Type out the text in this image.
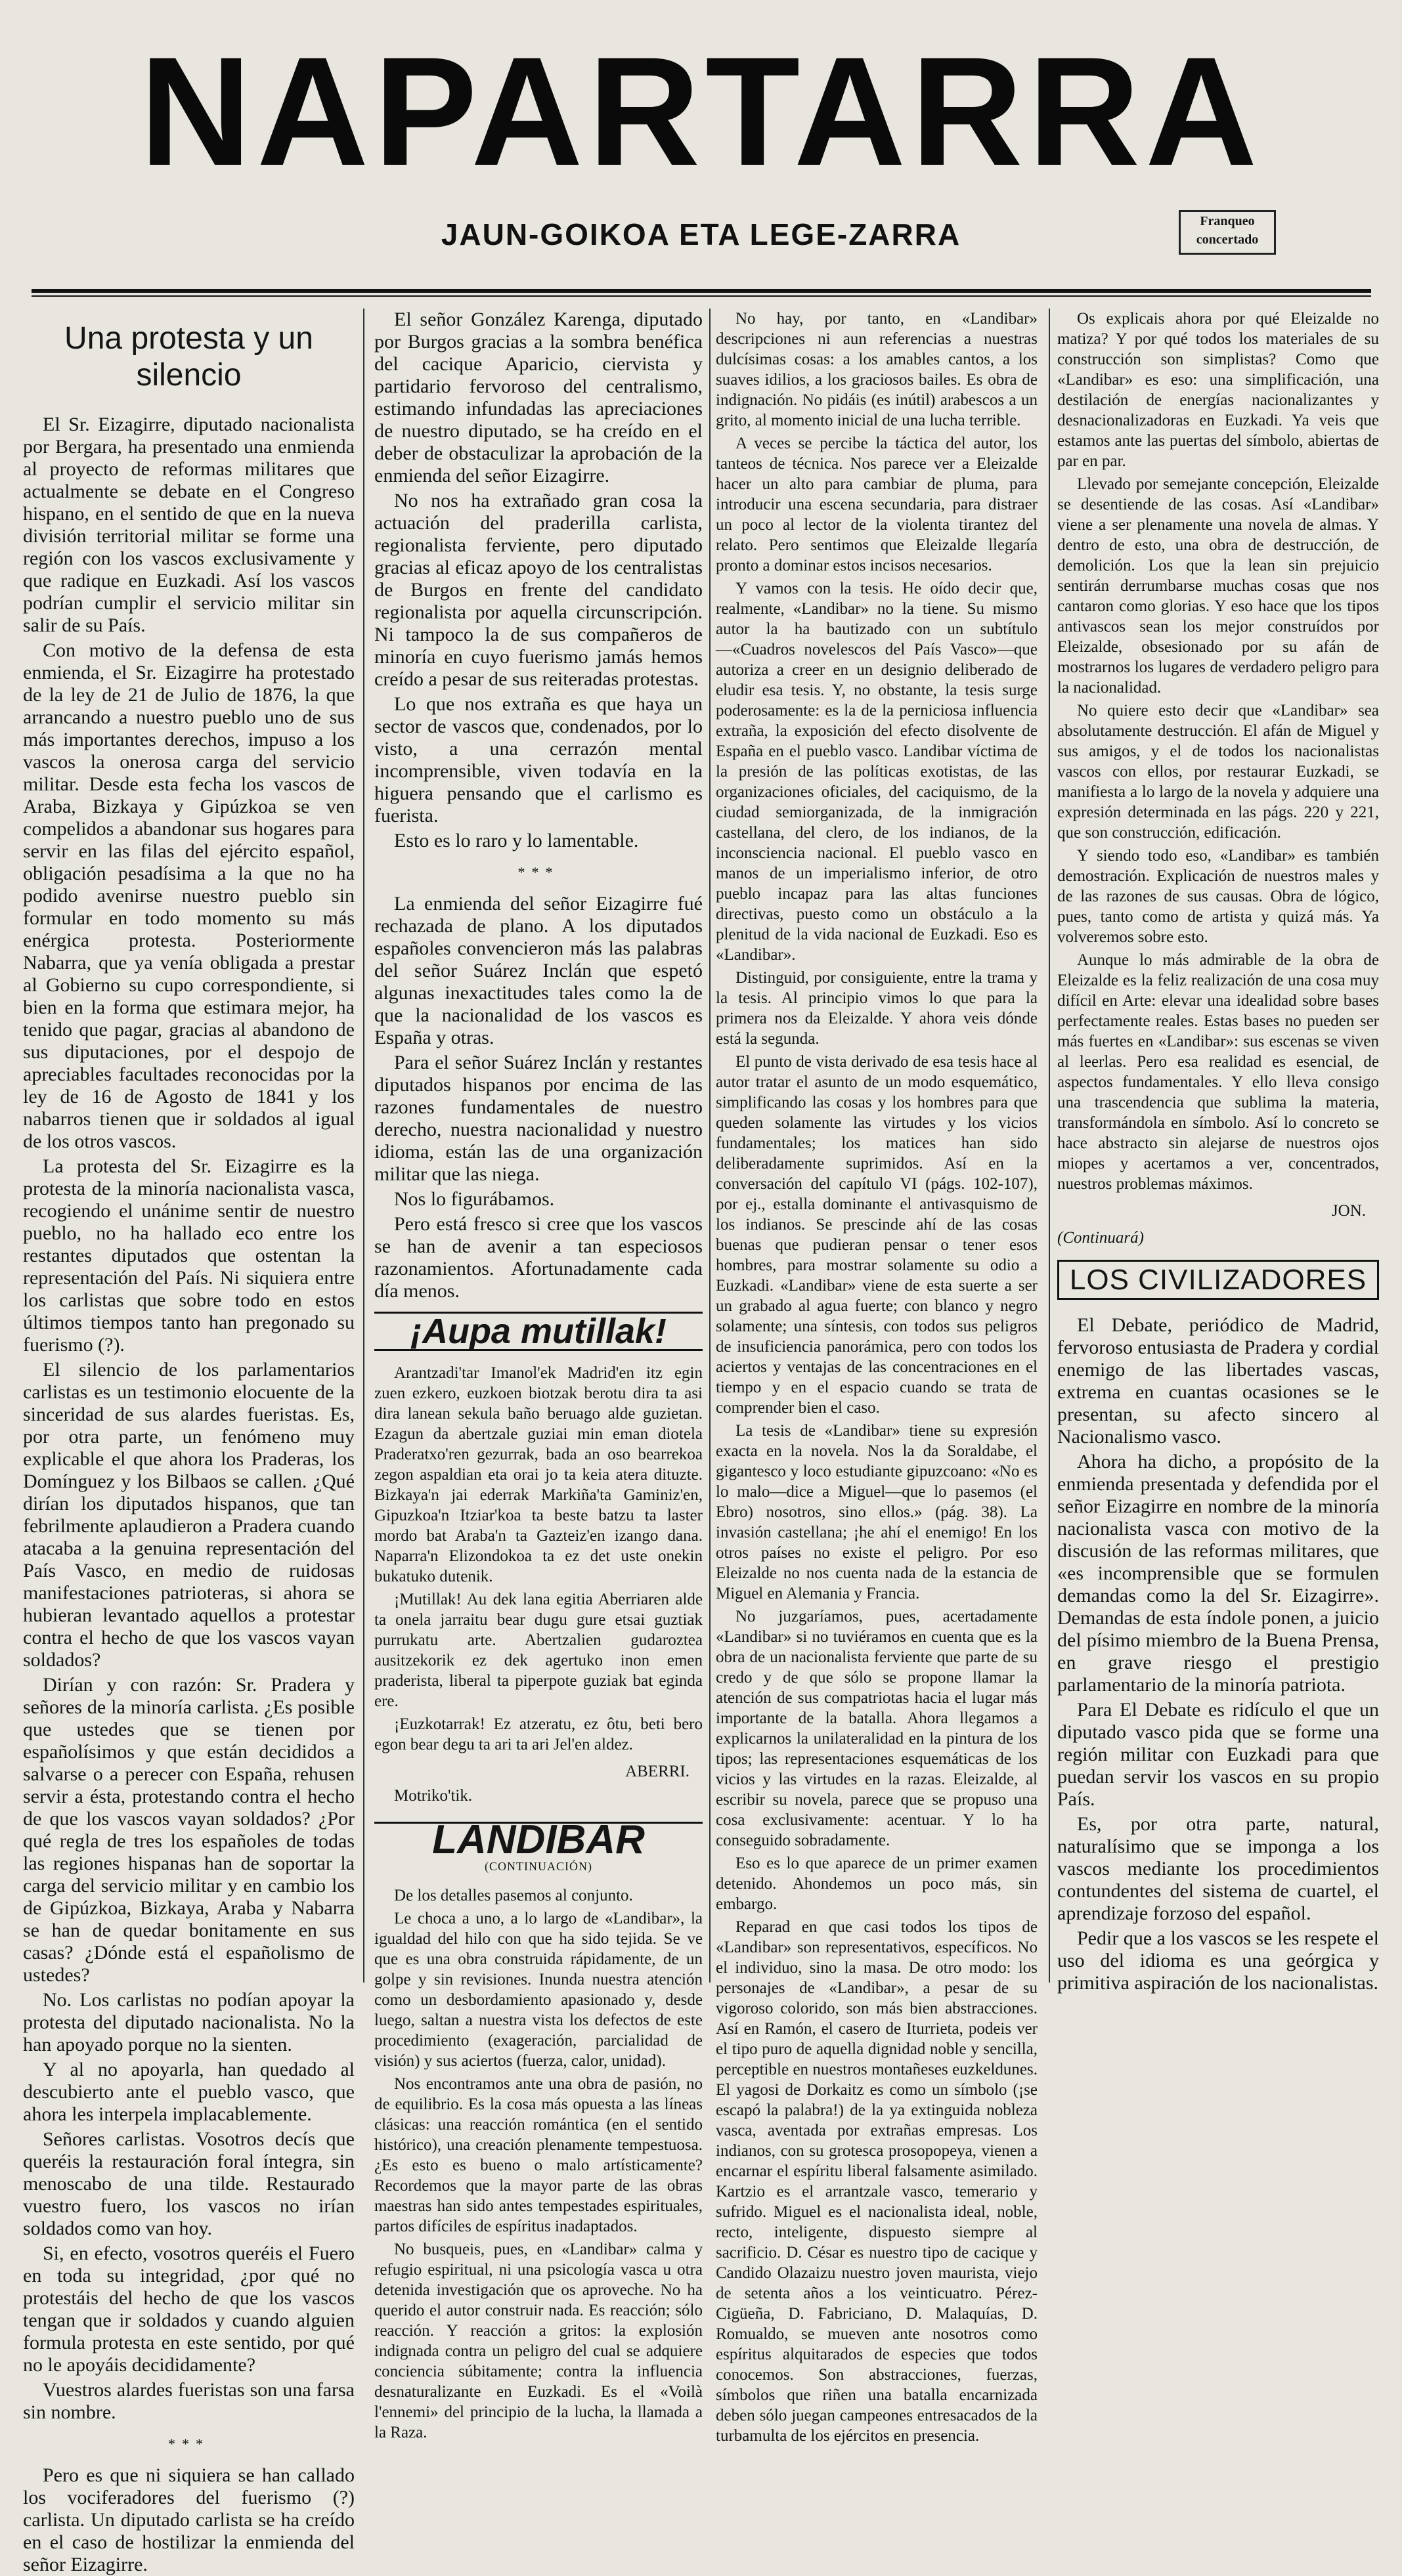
NAPARTARRA
JAUN-GOIKOA ETA LEGE-ZARRA	Franqueo concertado
Una protesta y un silencio

El Sr. Eizagirre, diputado nacionalista por Bergara, ha presentado una enmienda al proyecto de reformas militares que actualmente se debate en el Congreso hispano, en el sentido de que en la nueva división territorial militar se forme una región con los vascos exclusivamente y que radique en Euzkadi. Así los vascos podrían cumplir el servicio militar sin salir de su País.

Con motivo de la defensa de esta enmienda, el Sr. Eizagirre ha protestado de la ley de 21 de Julio de 1876, la que arrancando a nuestro pueblo uno de sus más importantes derechos, impuso a los vascos la onerosa carga del servicio militar. Desde esta fecha los vascos de Araba, Bizkaya y Gipúzkoa se ven compelidos a abandonar sus hogares para servir en las filas del ejército español, obligación pesadísima a la que no ha podido avenirse nuestro pueblo sin formular en todo momento su más enérgica protesta. Posteriormente Nabarra, que ya venía obligada a prestar al Gobierno su cupo correspondiente, si bien en la forma que estimara mejor, ha tenido que pagar, gracias al abandono de sus diputaciones, por el despojo de apreciables facultades reconocidas por la ley de 16 de Agosto de 1841 y los nabarros tienen que ir soldados al igual de los otros vascos.

La protesta del Sr. Eizagirre es la protesta de la minoría nacionalista vasca, recogiendo el unánime sentir de nuestro pueblo, no ha hallado eco entre los restantes diputados que ostentan la representación del País. Ni siquiera entre los carlistas que sobre todo en estos últimos tiempos tanto han pregonado su fuerismo (?).

El silencio de los parlamentarios carlistas es un testimonio elocuente de la sinceridad de sus alardes fueristas. Es, por otra parte, un fenómeno muy explicable el que ahora los Praderas, los Domínguez y los Bilbaos se callen. ¿Qué dirían los diputados hispanos, que tan febrilmente aplaudieron a Pradera cuando atacaba a la genuina representación del País Vasco, en medio de ruidosas manifestaciones patrioteras, si ahora se hubieran levantado aquellos a protestar contra el hecho de que los vascos vayan soldados?

Dirían y con razón: Sr. Pradera y señores de la minoría carlista. ¿Es posible que ustedes que se tienen por españolísimos y que están decididos a salvarse o a perecer con España, rehusen servir a ésta, protestando contra el hecho de que los vascos vayan soldados? ¿Por qué regla de tres los españoles de todas las regiones hispanas han de soportar la carga del servicio militar y en cambio los de Gipúzkoa, Bizkaya, Araba y Nabarra se han de quedar bonitamente en sus casas? ¿Dónde está el españolismo de ustedes?

No. Los carlistas no podían apoyar la protesta del diputado nacionalista. No la han apoyado porque no la sienten.

Y al no apoyarla, han quedado al descubierto ante el pueblo vasco, que ahora les interpela implacablemente.

Señores carlistas. Vosotros decís que queréis la restauración foral íntegra, sin menoscabo de una tilde. Restaurado vuestro fuero, los vascos no irían soldados como van hoy.

Si, en efecto, vosotros queréis el Fuero en toda su integridad, ¿por qué no protestáis del hecho de que los vascos tengan que ir soldados y cuando alguien formula protesta en este sentido, por qué no le apoyáis decididamente?

Vuestros alardes fueristas son una farsa sin nombre.

***

Pero es que ni siquiera se han callado los vociferadores del fuerismo (?) carlista. Un diputado carlista se ha creído en el caso de hostilizar la enmienda del señor Eizagirre.

El señor González Karenga, diputado por Burgos gracias a la sombra benéfica del cacique Aparicio, ciervista y partidario fervoroso del centralismo, estimando infundadas las apreciaciones de nuestro diputado, se ha creído en el deber de obstaculizar la aprobación de la enmienda del señor Eizagirre.

No nos ha extrañado gran cosa la actuación del praderilla carlista, regionalista ferviente, pero diputado gracias al eficaz apoyo de los centralistas de Burgos en frente del candidato regionalista por aquella circunscripción. Ni tampoco la de sus compañeros de minoría en cuyo fuerismo jamás hemos creído a pesar de sus reiteradas protestas.

Lo que nos extraña es que haya un sector de vascos que, condenados, por lo visto, a una cerrazón mental incomprensible, viven todavía en la higuera pensando que el carlismo es fuerista.

Esto es lo raro y lo lamentable.

***

La enmienda del señor Eizagirre fué rechazada de plano. A los diputados españoles convencieron más las palabras del señor Suárez Inclán que espetó algunas inexactitudes tales como la de que la nacionalidad de los vascos es España y otras.

Para el señor Suárez Inclán y restantes diputados hispanos por encima de las razones fundamentales de nuestro derecho, nuestra nacionalidad y nuestro idioma, están las de una organización militar que las niega.

Nos lo figurábamos.

Pero está fresco si cree que los vascos se han de avenir a tan especiosos razonamientos. Afortunadamente cada día menos.

¡Aupa mutillak!

Arantzadi'tar Imanol'ek Madrid'en itz egin zuen ezkero, euzkoen biotzak berotu dira ta asi dira lanean sekula baño beruago alde guzietan. Ezagun da abertzale guziai min eman diotela Praderatxo'ren gezurrak, bada an oso bearrekoa zegon aspaldian eta orai jo ta keia atera dituzte. Bizkaya'n jai ederrak Markiña'ta Gaminiz'en, Gipuzkoa'n Itziar'koa ta beste batzu ta laster mordo bat Araba'n ta Gazteiz'en izango dana. Naparra'n Elizondokoa ta ez det uste onekin bukatuko dutenik.

¡Mutillak! Au dek lana egitia Aberriaren alde ta onela jarraitu bear dugu gure etsai guztiak purrukatu arte. Abertzalien gudaroztea ausitzekorik ez dek agertuko inon emen praderista, liberal ta piperpote guziak bat eginda ere.

¡Euzkotarrak! Ez atzeratu, ez ôtu, beti bero egon bear degu ta ari ta ari Jel'en aldez.

ABERRI.
Motriko'tik.
LANDIBAR
(CONTINUACIÓN)

De los detalles pasemos al conjunto.

Le choca a uno, a lo largo de «Landibar», la igualdad del hilo con que ha sido tejida. Se ve que es una obra construida rápidamente, de un golpe y sin revisiones. Inunda nuestra atención como un desbordamiento apasionado y, desde luego, saltan a nuestra vista los defectos de este procedimiento (exageración, parcialidad de visión) y sus aciertos (fuerza, calor, unidad).

Nos encontramos ante una obra de pasión, no de equilibrio. Es la cosa más opuesta a las líneas clásicas: una reacción romántica (en el sentido histórico), una creación plenamente tempestuosa. ¿Es esto es bueno o malo artísticamente? Recordemos que la mayor parte de las obras maestras han sido antes tempestades espirituales, partos difíciles de espíritus inadaptados.

No busqueis, pues, en «Landibar» calma y refugio espiritual, ni una psicología vasca u otra detenida investigación que os aproveche. No ha querido el autor construir nada. Es reacción; sólo reacción. Y reacción a gritos: la explosión indignada contra un peligro del cual se adquiere conciencia súbitamente; contra la influencia desnaturalizante en Euzkadi. Es el «Voilà l'ennemi» del principio de la lucha, la llamada a la Raza.

No hay, por tanto, en «Landibar» descripciones ni aun referencias a nuestras dulcísimas cosas: a los amables cantos, a los suaves idilios, a los graciosos bailes. Es obra de indignación. No pidáis (es inútil) arabescos a un grito, al momento inicial de una lucha terrible.

A veces se percibe la táctica del autor, los tanteos de técnica. Nos parece ver a Eleizalde hacer un alto para cambiar de pluma, para introducir una escena secundaria, para distraer un poco al lector de la violenta tirantez del relato. Pero sentimos que Eleizalde llegaría pronto a dominar estos incisos necesarios.

Y vamos con la tesis. He oído decir que, realmente, «Landibar» no la tiene. Su mismo autor la ha bautizado con un subtítulo—«Cuadros novelescos del País Vasco»—que autoriza a creer en un designio deliberado de eludir esa tesis. Y, no obstante, la tesis surge poderosamente: es la de la perniciosa influencia extraña, la exposición del efecto disolvente de España en el pueblo vasco. Landibar víctima de la presión de las políticas exotistas, de las organizaciones oficiales, del caciquismo, de la ciudad semiorganizada, de la inmigración castellana, del clero, de los indianos, de la inconsciencia nacional. El pueblo vasco en manos de un imperialismo inferior, de otro pueblo incapaz para las altas funciones directivas, puesto como un obstáculo a la plenitud de la vida nacional de Euzkadi. Eso es «Landibar».

Distinguid, por consiguiente, entre la trama y la tesis. Al principio vimos lo que para la primera nos da Eleizalde. Y ahora veis dónde está la segunda.

El punto de vista derivado de esa tesis hace al autor tratar el asunto de un modo esquemático, simplificando las cosas y los hombres para que queden solamente las virtudes y los vicios fundamentales; los matices han sido deliberadamente suprimidos. Así en la conversación del capítulo VI (págs. 102-107), por ej., estalla dominante el antivasquismo de los indianos. Se prescinde ahí de las cosas buenas que pudieran pensar o tener esos hombres, para mostrar solamente su odio a Euzkadi. «Landibar» viene de esta suerte a ser un grabado al agua fuerte; con blanco y negro solamente; una síntesis, con todos sus peligros de insuficiencia panorámica, pero con todos los aciertos y ventajas de las concentraciones en el tiempo y en el espacio cuando se trata de comprender bien el caso.

La tesis de «Landibar» tiene su expresión exacta en la novela. Nos la da Soraldabe, el gigantesco y loco estudiante gipuzcoano: «No es lo malo—dice a Miguel—que lo pasemos (el Ebro) nosotros, sino ellos.» (pág. 38). La invasión castellana; ¡he ahí el enemigo! En los otros países no existe el peligro. Por eso Eleizalde no nos cuenta nada de la estancia de Miguel en Alemania y Francia.

No juzgaríamos, pues, acertadamente «Landibar» si no tuviéramos en cuenta que es la obra de un nacionalista ferviente que parte de su credo y de que sólo se propone llamar la atención de sus compatriotas hacia el lugar más importante de la batalla. Ahora llegamos a explicarnos la unilateralidad en la pintura de los tipos; las representaciones esquemáticas de los vicios y las virtudes en la razas. Eleizalde, al escribir su novela, parece que se propuso una cosa exclusivamente: acentuar. Y lo ha conseguido sobradamente.

Eso es lo que aparece de un primer examen detenido. Ahondemos un poco más, sin embargo.

Reparad en que casi todos los tipos de «Landibar» son representativos, específicos. No el individuo, sino la masa. De otro modo: los personajes de «Landibar», a pesar de su vigoroso colorido, son más bien abstracciones. Así en Ramón, el casero de Iturrieta, podeis ver el tipo puro de aquella dignidad noble y sencilla, perceptible en nuestros montañeses euzkeldunes. El yagosi de Dorkaitz es como un símbolo (¡se escapó la palabra!) de la ya extinguida nobleza vasca, aventada por extrañas empresas. Los indianos, con su grotesca prosopopeya, vienen a encarnar el espíritu liberal falsamente asimilado. Kartzio es el arrantzale vasco, temerario y sufrido. Miguel es el nacionalista ideal, noble, recto, inteligente, dispuesto siempre al sacrificio. D. César es nuestro tipo de cacique y Candido Olazaizu nuestro joven maurista, viejo de setenta años a los veinticuatro. Pérez-Cigüeña, D. Fabriciano, D. Malaquías, D. Romualdo, se mueven ante nosotros como espíritus alquitarados de especies que todos conocemos. Son abstracciones, fuerzas, símbolos que riñen una batalla encarnizada deben sólo juegan campeones entresacados de la turbamulta de los ejércitos en presencia.

Os explicais ahora por qué Eleizalde no matiza? Y por qué todos los materiales de su construcción son simplistas? Como que «Landibar» es eso: una simplificación, una destilación de energías nacionalizantes y desnacionalizadoras en Euzkadi. Ya veis que estamos ante las puertas del símbolo, abiertas de par en par.

Llevado por semejante concepción, Eleizalde se desentiende de las cosas. Así «Landibar» viene a ser plenamente una novela de almas. Y dentro de esto, una obra de destrucción, de demolición. Los que la lean sin prejuicio sentirán derrumbarse muchas cosas que nos cantaron como glorias. Y eso hace que los tipos antivascos sean los mejor construídos por Eleizalde, obsesionado por su afán de mostrarnos los lugares de verdadero peligro para la nacionalidad.

No quiere esto decir que «Landibar» sea absolutamente destrucción. El afán de Miguel y sus amigos, y el de todos los nacionalistas vascos con ellos, por restaurar Euzkadi, se manifiesta a lo largo de la novela y adquiere una expresión determinada en las págs. 220 y 221, que son construcción, edificación.

Y siendo todo eso, «Landibar» es también demostración. Explicación de nuestros males y de las razones de sus causas. Obra de lógico, pues, tanto como de artista y quizá más. Ya volveremos sobre esto.

Aunque lo más admirable de la obra de Eleizalde es la feliz realización de una cosa muy difícil en Arte: elevar una idealidad sobre bases perfectamente reales. Estas bases no pueden ser más fuertes en «Landibar»: sus escenas se viven al leerlas. Pero esa realidad es esencial, de aspectos fundamentales. Y ello lleva consigo una trascendencia que sublima la materia, transformándola en símbolo. Así lo concreto se hace abstracto sin alejarse de nuestros ojos miopes y acertamos a ver, concentrados, nuestros problemas máximos.

JON.
(Continuará)
LOS CIVILIZADORES

El Debate, periódico de Madrid, fervoroso entusiasta de Pradera y cordial enemigo de las libertades vascas, extrema en cuantas ocasiones se le presentan, su afecto sincero al Nacionalismo vasco.

Ahora ha dicho, a propósito de la enmienda presentada y defendida por el señor Eizagirre en nombre de la minoría nacionalista vasca con motivo de la discusión de las reformas militares, que «es incomprensible que se formulen demandas como la del Sr. Eizagirre». Demandas de esta índole ponen, a juicio del písimo miembro de la Buena Prensa, en grave riesgo el prestigio parlamentario de la minoría patriota.

Para El Debate es ridículo el que un diputado vasco pida que se forme una región militar con Euzkadi para que puedan servir los vascos en su propio País.

Es, por otra parte, natural, naturalísimo que se imponga a los vascos mediante los procedimientos contundentes del sistema de cuartel, el aprendizaje forzoso del español.

Pedir que a los vascos se les respete el uso del idioma es una geórgica y primitiva aspiración de los nacionalistas.
